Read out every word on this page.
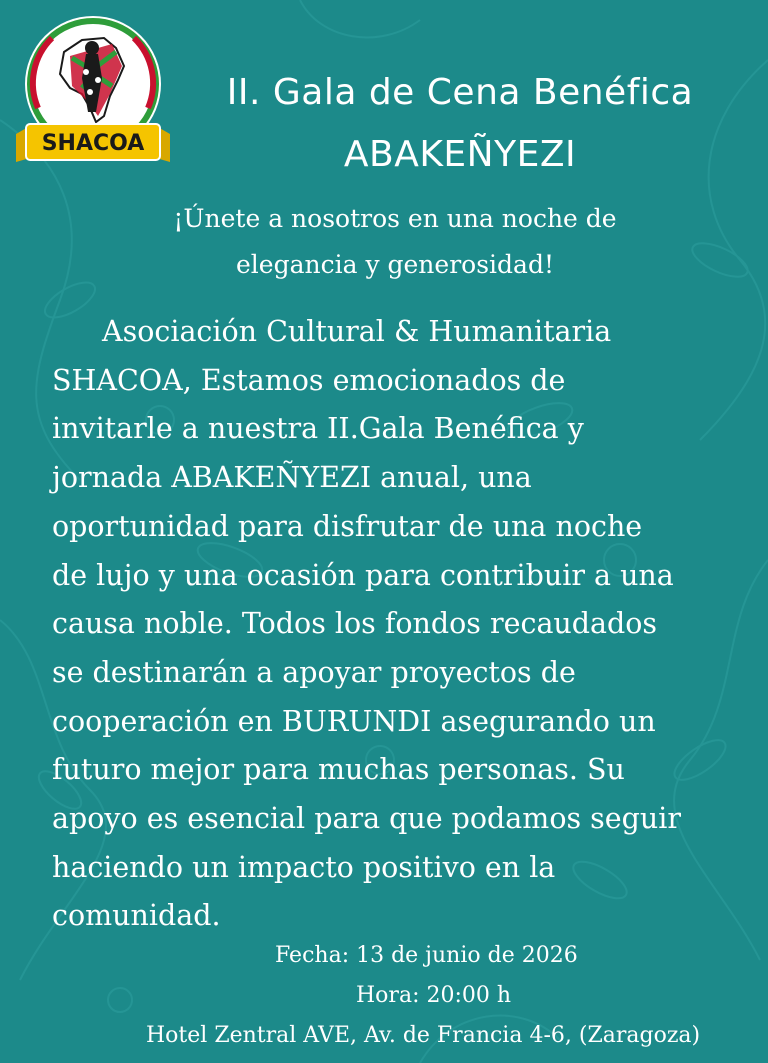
SHACOA
II. Gala de Cena Benéfica
ABAKEÑYEZI
¡Únete a nosotros en una noche de
elegancia y generosidad!
Asociación Cultural & Humanitaria
SHACOA, Estamos emocionados de
invitarle a nuestra II.Gala Benéfica y
jornada ABAKEÑYEZI anual, una
oportunidad para disfrutar de una noche
de lujo y una ocasión para contribuir a una
causa noble. Todos los fondos recaudados
se destinarán a apoyar proyectos de
cooperación en BURUNDI asegurando un
futuro mejor para muchas personas. Su
apoyo es esencial para que podamos seguir
haciendo un impacto positivo en la
comunidad.
Fecha: 13 de junio de 2026
Hora: 20:00 h
Hotel Zentral AVE, Av. de Francia 4-6, (Zaragoza)
